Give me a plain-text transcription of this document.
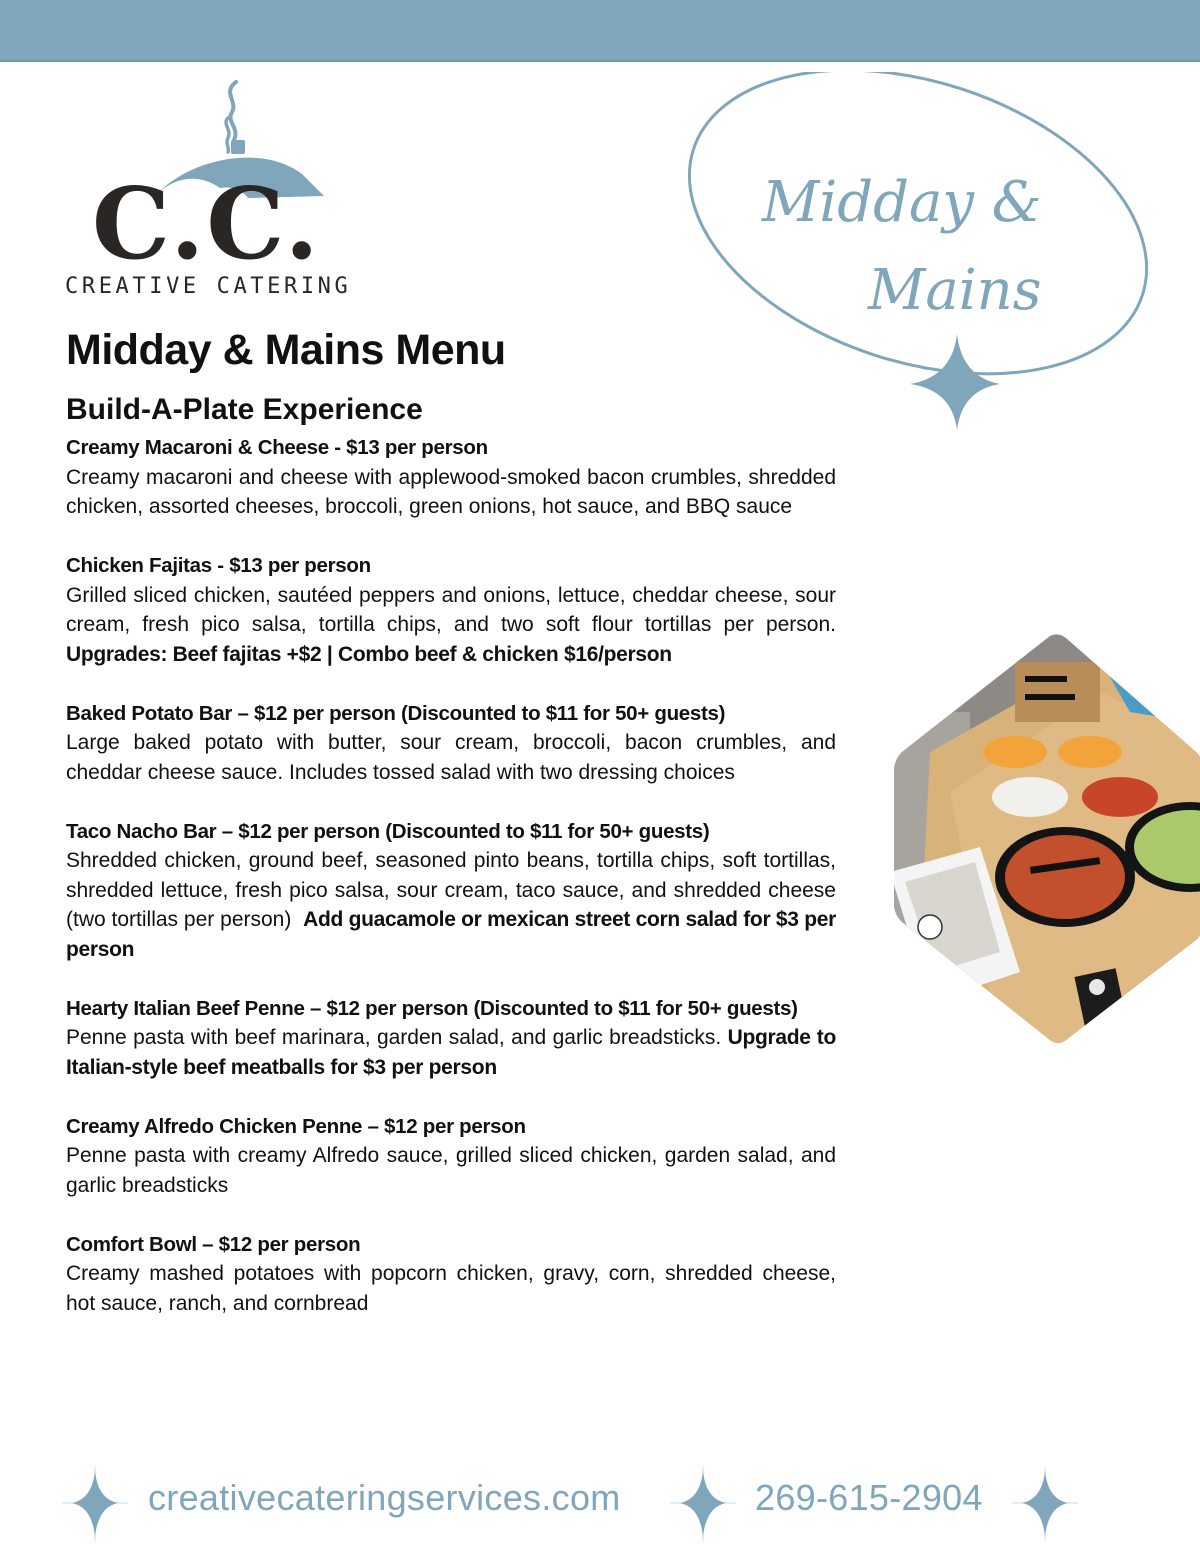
C.C.
CREATIVE CATERING
Midday &
Mains
Midday & Mains Menu
Build-A-Plate Experience
Creamy Macaroni & Cheese - $13 per person
Creamy macaroni and cheese with applewood-smoked bacon crumbles, shredded chicken, assorted cheeses, broccoli, green onions, hot sauce, and BBQ sauce
Chicken Fajitas - $13 per person
Grilled sliced chicken, sautéed peppers and onions, lettuce, cheddar cheese, sour cream, fresh pico salsa, tortilla chips, and two soft flour tortillas per person. Upgrades: Beef fajitas +$2 | Combo beef & chicken $16/person
Baked Potato Bar – $12 per person (Discounted to $11 for 50+ guests)
Large baked potato with butter, sour cream, broccoli, bacon crumbles, and cheddar cheese sauce. Includes tossed salad with two dressing choices
Taco Nacho Bar – $12 per person (Discounted to $11 for 50+ guests)
Shredded chicken, ground beef, seasoned pinto beans, tortilla chips, soft tortillas, shredded lettuce, fresh pico salsa, sour cream, taco sauce, and shredded cheese (two tortillas per person) Add guacamole or mexican street corn salad for $3 per person
Hearty Italian Beef Penne – $12 per person (Discounted to $11 for 50+ guests)
Penne pasta with beef marinara, garden salad, and garlic breadsticks. Upgrade to Italian-style beef meatballs for $3 per person
Creamy Alfredo Chicken Penne – $12 per person
Penne pasta with creamy Alfredo sauce, grilled sliced chicken, garden salad, and garlic breadsticks
Comfort Bowl – $12 per person
Creamy mashed potatoes with popcorn chicken, gravy, corn, shredded cheese, hot sauce, ranch, and cornbread
creativecateringservices.com	269-615-2904
